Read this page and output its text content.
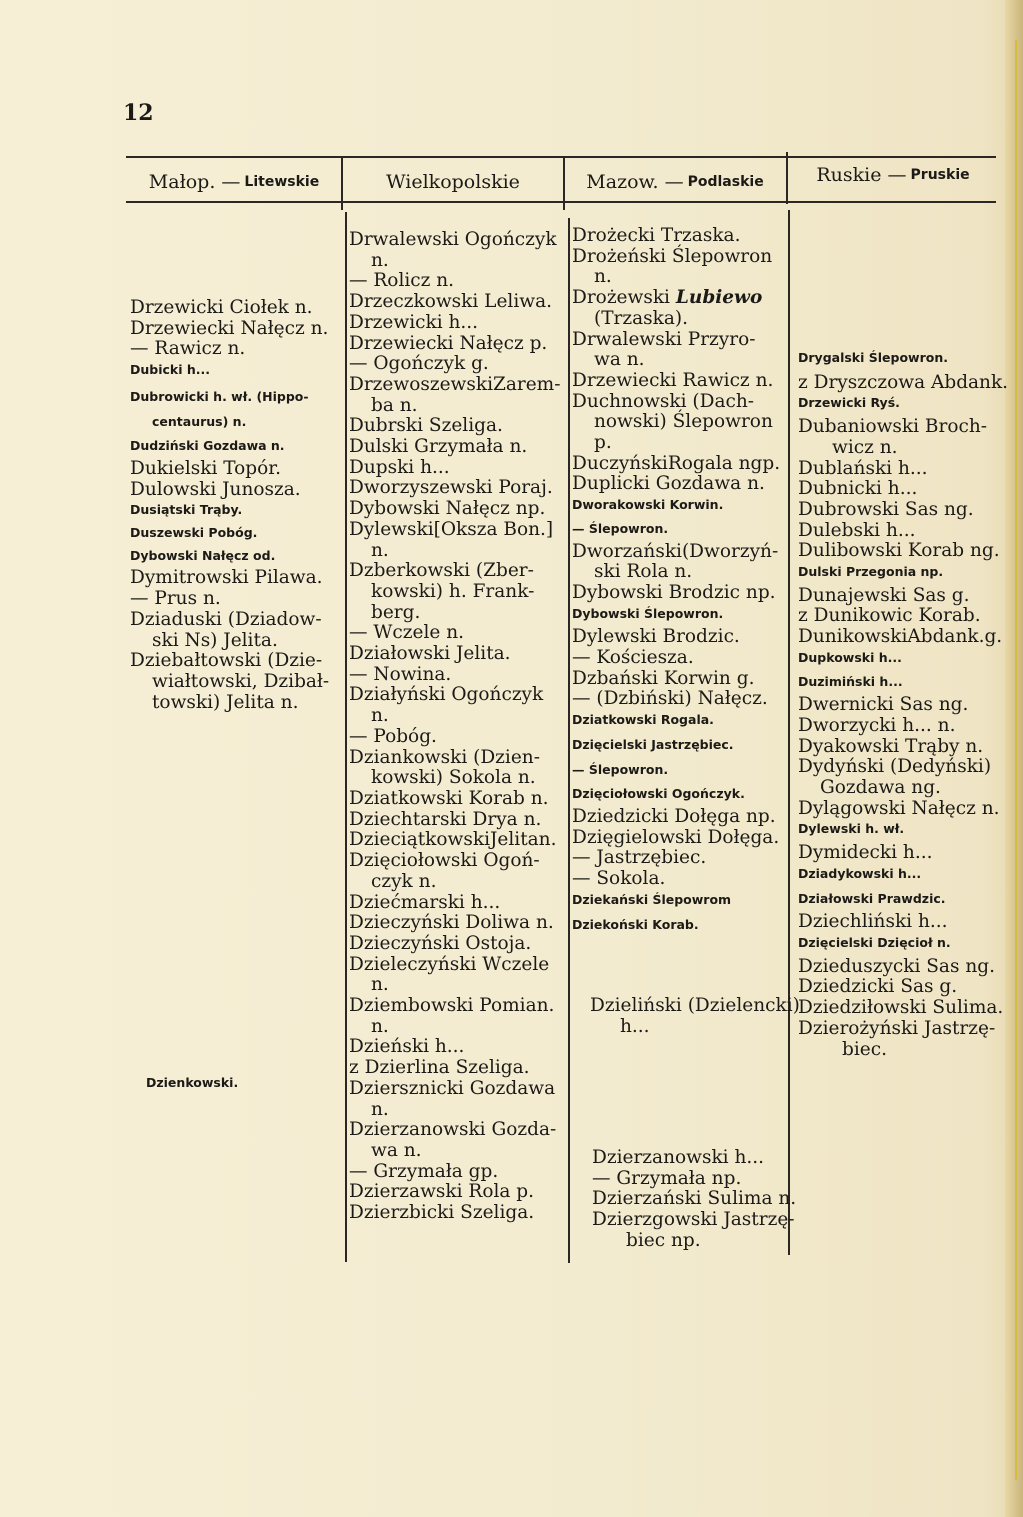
12
Małop. — Litewskie	Wielkopolskie	Mazow. — Podlaskie	Ruskie — Pruskie
Drzewicki Ciołek n.
Drzewiecki Nałęcz n.
— Rawicz n.
Dubicki h...
Dubrowicki h. wł. (Hippo-
centaurus) n.
Dudziński Gozdawa n.
Dukielski Topór.
Dulowski Junosza.
Dusiątski Trąby.
Duszewski Pobóg.
Dybowski Nałęcz od.
Dymitrowski Pilawa.
— Prus n.
Dziaduski (Dziadow-
ski Ns) Jelita.
Dziebałtowski (Dzie-
wiałtowski, Dzibał-
towski) Jelita n.
Dzienkowski.
Drwalewski Ogończyk
n.
— Rolicz n.
Drzeczkowski Leliwa.
Drzewicki h...
Drzewiecki Nałęcz p.
— Ogończyk g.
DrzewoszewskiZarem-
ba n.
Dubrski Szeliga.
Dulski Grzymała n.
Dupski h...
Dworzyszewski Poraj.
Dybowski Nałęcz np.
Dylewski[Oksza Bon.]
n.
Dzberkowski (Zber-
kowski) h. Frank-
berg.
— Wczele n.
Działowski Jelita.
— Nowina.
Działyński Ogończyk
n.
— Pobóg.
Dziankowski (Dzien-
kowski) Sokola n.
Dziatkowski Korab n.
Dziechtarski Drya n.
DzieciątkowskiJelitan.
Dzięciołowski Ogoń-
czyk n.
Dziećmarski h...
Dzieczyński Doliwa n.
Dzieczyński Ostoja.
Dzieleczyński Wczele
n.
Dziembowski Pomian.
n.
Dzieński h...
z Dzierlina Szeliga.
Dziersznicki Gozdawa
n.
Dzierzanowski Gozda-
wa n.
— Grzymała gp.
Dzierzawski Rola p.
Dzierzbicki Szeliga.
Drożecki Trzaska.
Drożeński Ślepowron
n.
Drożewski Lubiewo
(Trzaska).
Drwalewski Przyro-
wa n.
Drzewiecki Rawicz n.
Duchnowski (Dach-
nowski) Ślepowron
p.
DuczyńskiRogala ngp.
Duplicki Gozdawa n.
Dworakowski Korwin.
— Ślepowron.
Dworzański(Dworzyń-
ski Rola n.
Dybowski Brodzic np.
Dybowski Ślepowron.
Dylewski Brodzic.
— Kościesza.
Dzbański Korwin g.
— (Dzbiński) Nałęcz.
Dziatkowski Rogala.
Dzięcielski Jastrzębiec.
— Ślepowron.
Dzięciołowski Ogończyk.
Dziedzicki Dołęga np.
Dzięgielowski Dołęga.
— Jastrzębiec.
— Sokola.
Dziekański Ślepowrom
Dziekoński Korab.
Dzieliński (Dzielencki)
h...
Dzierzanowski h...
— Grzymała np.
Dzierzański Sulima n.
Dzierzgowski Jastrzę-
biec np.
Drygalski Ślepowron.
z Dryszczowa Abdank.
Drzewicki Ryś.
Dubaniowski Broch-
wicz n.
Dublański h...
Dubnicki h...
Dubrowski Sas ng.
Dulebski h...
Dulibowski Korab ng.
Dulski Przegonia np.
Dunajewski Sas g.
z Dunikowic Korab.
DunikowskiAbdank.g.
Dupkowski h...
Duzimiński h...
Dwernicki Sas ng.
Dworzycki h... n.
Dyakowski Trąby n.
Dydyński (Dedyński)
Gozdawa ng.
Dylągowski Nałęcz n.
Dylewski h. wł.
Dymidecki h...
Dziadykowski h...
Działowski Prawdzic.
Dziechliński h...
Dzięcielski Dzięcioł n.
Dzieduszycki Sas ng.
Dziedzicki Sas g.
Dziedziłowski Sulima.
Dzierożyński Jastrzę-
biec.
